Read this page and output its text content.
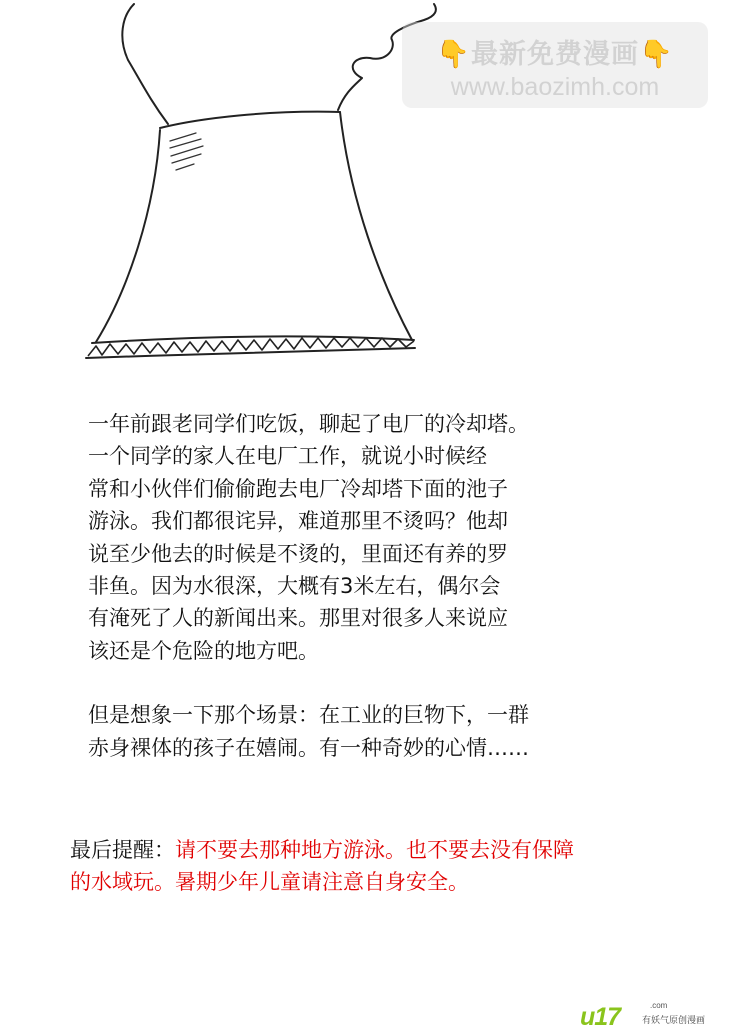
👇最新免费漫画👇
www.baozimh.com

一年前跟老同学们吃饭，聊起了电厂的冷却塔。

一个同学的家人在电厂工作，就说小时候经

常和小伙伴们偷偷跑去电厂冷却塔下面的池子

游泳。我们都很诧异，难道那里不烫吗？他却

说至少他去的时候是不烫的，里面还有养的罗

非鱼。因为水很深，大概有3米左右，偶尔会

有淹死了人的新闻出来。那里对很多人来说应

该还是个危险的地方吧。

但是想象一下那个场景：在工业的巨物下，一群

赤身裸体的孩子在嬉闹。有一种奇妙的心情……

最后提醒：请不要去那种地方游泳。也不要去没有保障

的水域玩。暑期少年儿童请注意自身安全。

u17	.com
有妖气原创漫画
